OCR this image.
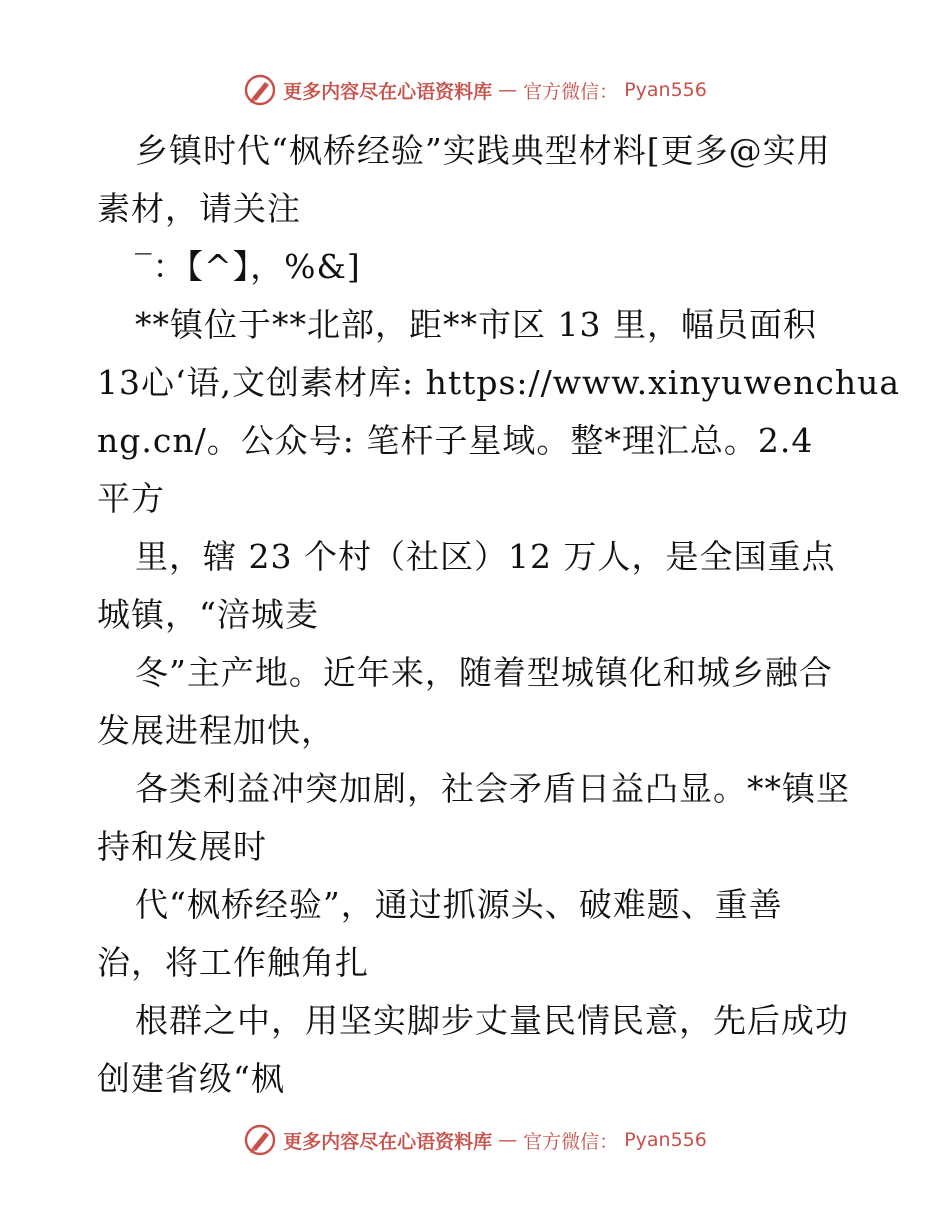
更多内容尽在心语资料库 — 官方微信： Pyan556
乡镇时代“枫桥经验”实践典型材料[更多@实用
素材，请关注
‾：【^】，%&]
**镇位于**北部，距**市区 13 里，幅员面积
13心‘语,文创素材库: https://www.xinyuwenchua
ng.cn/。公众号: 笔杆子星域。整*理汇总。2.4
平方
里，辖 23 个村（社区）12 万人，是全国重点
城镇，“涪城麦
冬”主产地。近年来，随着型城镇化和城乡融合
发展进程加快，
各类利益冲突加剧，社会矛盾日益凸显。**镇坚
持和发展时
代“枫桥经验”，通过抓源头、破难题、重善
治，将工作触角扎
根群之中，用坚实脚步丈量民情民意，先后成功
创建省级“枫
更多内容尽在心语资料库 — 官方微信： Pyan556
